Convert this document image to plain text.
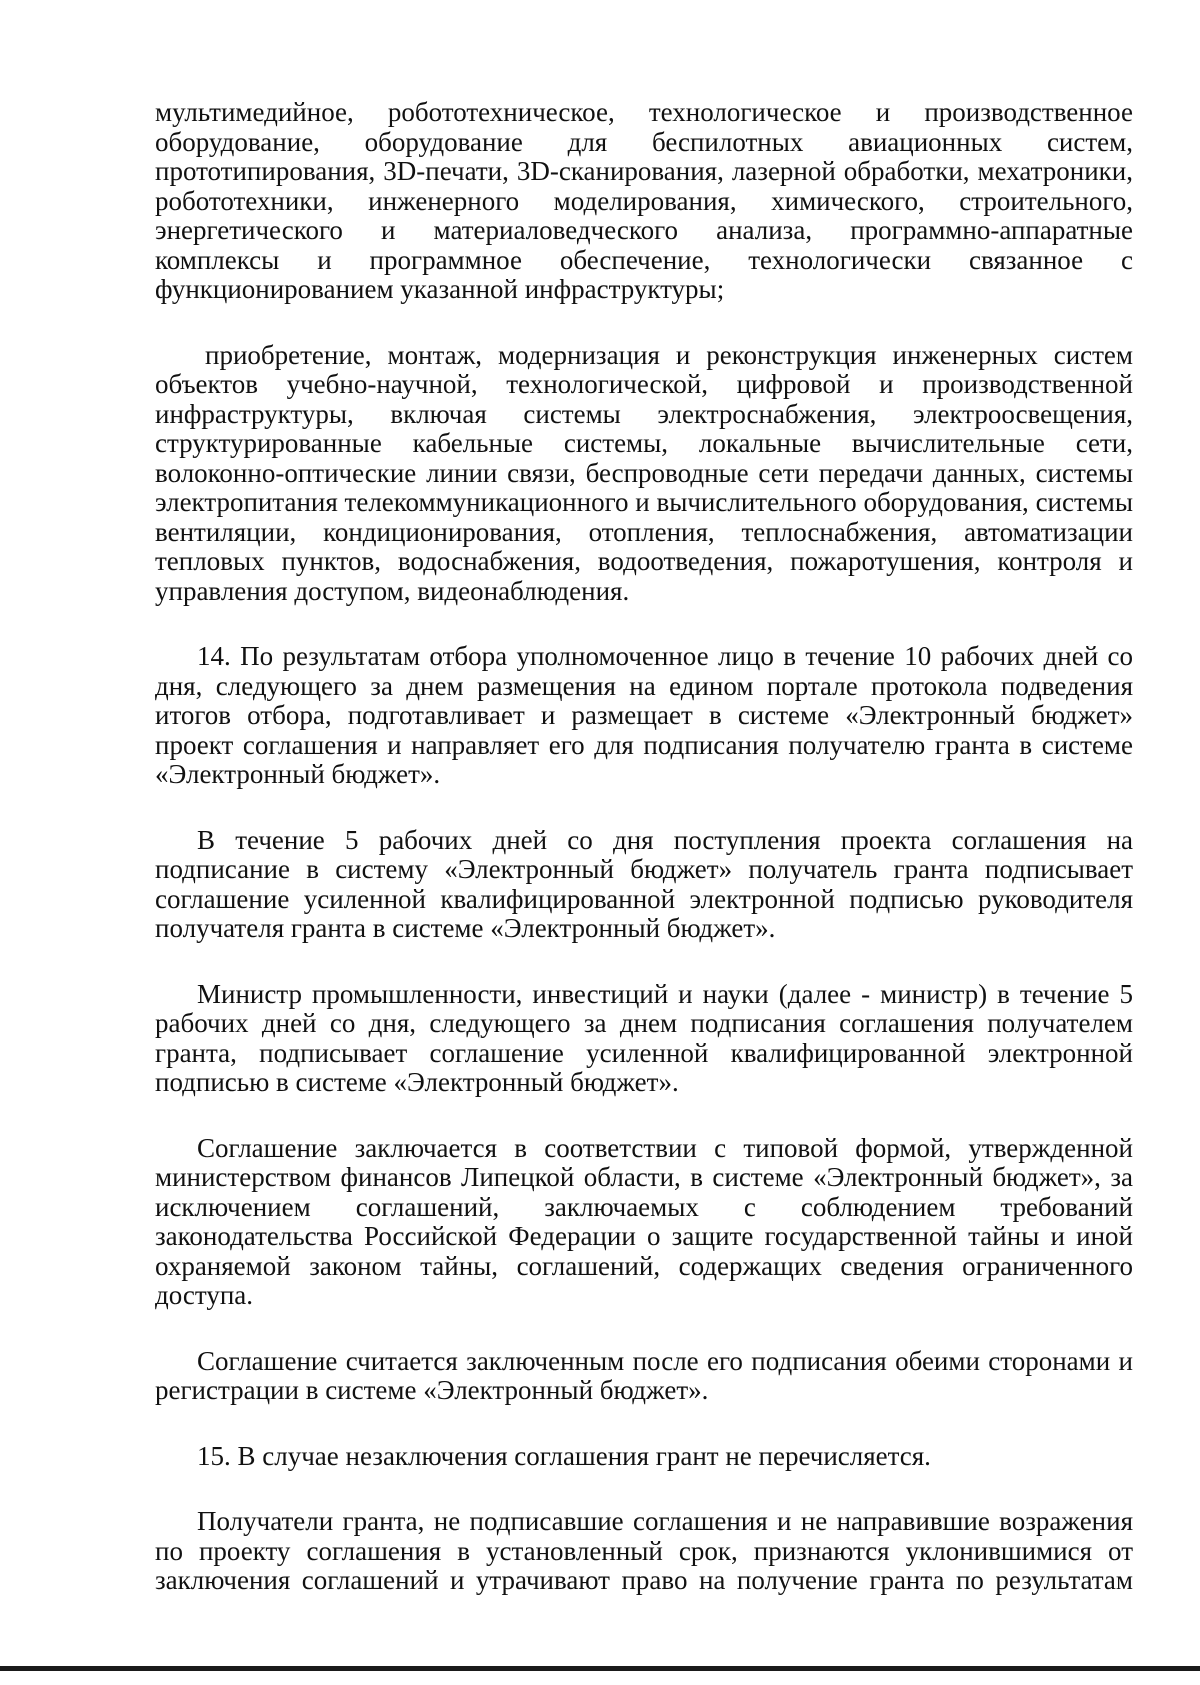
мультимедийное, робототехническое, технологическое и производственное оборудование, оборудование для беспилотных авиационных систем, прототипирования, 3D-печати, 3D-сканирования, лазерной обработки, мехатроники, робототехники, инженерного моделирования, химического, строительного, энергетического и материаловедческого анализа, программно-аппаратные комплексы и программное обеспечение, технологически связанное с функционированием указанной инфраструктуры;

приобретение, монтаж, модернизация и реконструкция инженерных систем объектов учебно-научной, технологической, цифровой и производственной инфраструктуры, включая системы электроснабжения, электроосвещения, структурированные кабельные системы, локальные вычислительные сети, волоконно-оптические линии связи, беспроводные сети передачи данных, системы электропитания телекоммуникационного и вычислительного оборудования, системы вентиляции, кондиционирования, отопления, теплоснабжения, автоматизации тепловых пунктов, водоснабжения, водоотведения, пожаротушения, контроля и управления доступом, видеонаблюдения.

14. По результатам отбора уполномоченное лицо в течение 10 рабочих дней со дня, следующего за днем размещения на едином портале протокола подведения итогов отбора, подготавливает и размещает в системе «Электронный бюджет» проект соглашения и направляет его для подписания получателю гранта в системе «Электронный бюджет».

В течение 5 рабочих дней со дня поступления проекта соглашения на подписание в систему «Электронный бюджет» получатель гранта подписывает соглашение усиленной квалифицированной электронной подписью руководителя получателя гранта в системе «Электронный бюджет».

Министр промышленности, инвестиций и науки (далее - министр) в течение 5 рабочих дней со дня, следующего за днем подписания соглашения получателем гранта, подписывает соглашение усиленной квалифицированной электронной подписью в системе «Электронный бюджет».

Соглашение заключается в соответствии с типовой формой, утвержденной министерством финансов Липецкой области, в системе «Электронный бюджет», за исключением соглашений, заключаемых с соблюдением требований законодательства Российской Федерации о защите государственной тайны и иной охраняемой законом тайны, соглашений, содержащих сведения ограниченного доступа.

Соглашение считается заключенным после его подписания обеими сторонами и регистрации в системе «Электронный бюджет».

15. В случае незаключения соглашения грант не перечисляется.

Получатели гранта, не подписавшие соглашения и не направившие возражения по проекту соглашения в установленный срок, признаются уклонившимися от заключения соглашений и утрачивают право на получение гранта по результатам
